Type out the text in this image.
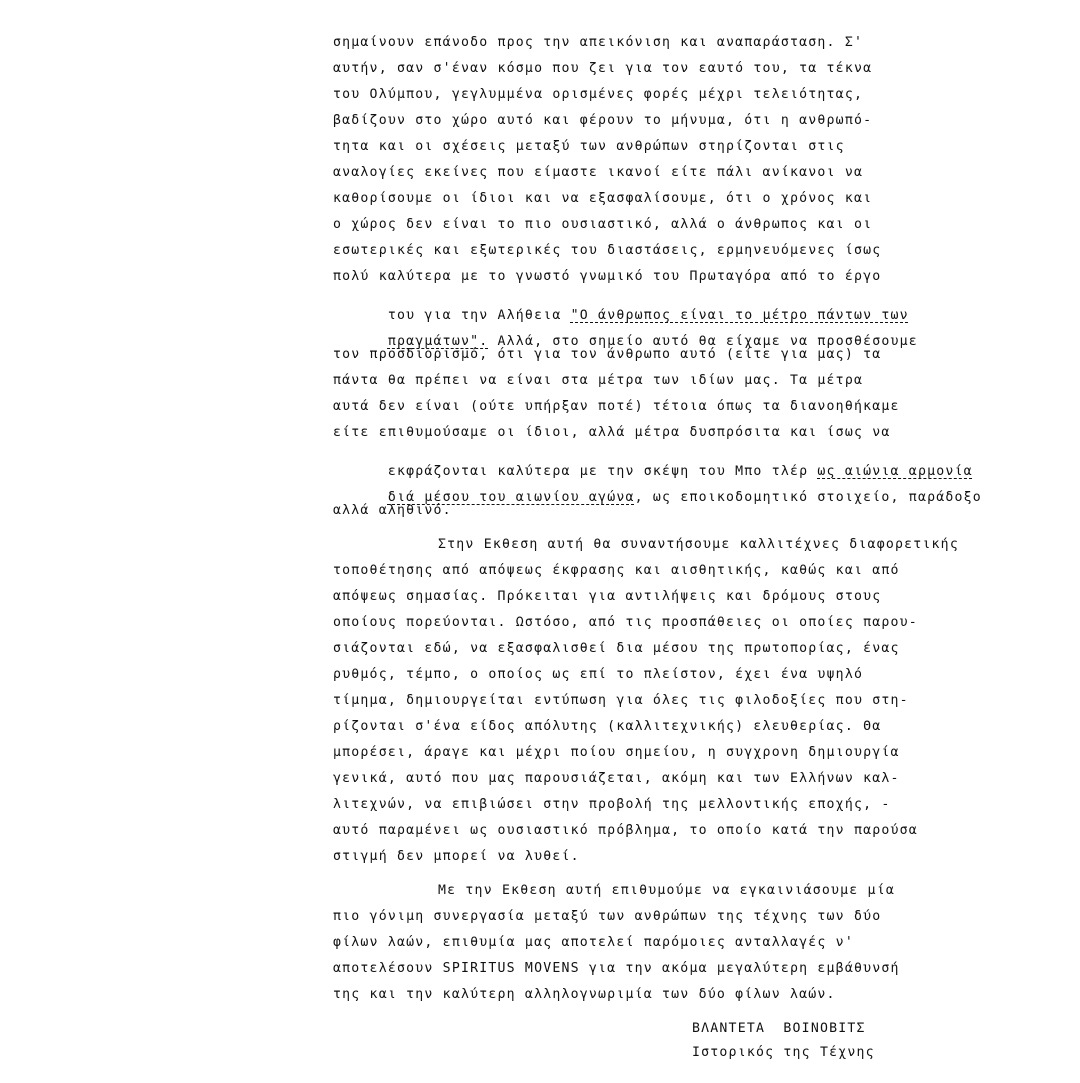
σημαίνουν επάνοδο προς την απεικόνιση και αναπαράσταση. Σ'

αυτήν, σαν σ'έναν κόσμο που ζει για τον εαυτό του, τα τέκνα

του Ολύμπου, γεγλυμμένα ορισμένες φορές μέχρι τελειότητας,

βαδίζουν στο χώρο αυτό και φέρουν το μήνυμα, ότι η ανθρωπό-

τητα και οι σχέσεις μεταξύ των ανθρώπων στηρίζονται στις

αναλογίες εκείνες που είμαστε ικανοί είτε πάλι ανίκανοι να

καθορίσουμε οι ίδιοι και να εξασφαλίσουμε, ότι ο χρόνος και

ο χώρος δεν είναι το πιο ουσιαστικό, αλλά ο άνθρωπος και οι

εσωτερικές και εξωτερικές του διαστάσεις, ερμηνευόμενες ίσως

πολύ καλύτερα με το γνωστό γνωμικό του Πρωταγόρα από το έργο

του για την Αλήθεια "Ο άνθρωπος είναι το μέτρο πάντων των

πραγμάτων". Αλλά, στο σημείο αυτό θα είχαμε να προσθέσουμε

τον προσδιορισμό, ότι για τον άνθρωπο αυτό (είτε για μας) τα

πάντα θα πρέπει να είναι στα μέτρα των ιδίων μας. Τα μέτρα

αυτά δεν είναι (ούτε υπήρξαν ποτέ) τέτοια όπως τα διανοηθήκαμε

είτε επιθυμούσαμε οι ίδιοι, αλλά μέτρα δυσπρόσιτα και ίσως να

εκφράζονται καλύτερα με την σκέψη του Μπο τλέρ ως αιώνια αρμονία

διά μέσου του αιωνίου αγώνα, ως εποικοδομητικό στοιχείο, παράδοξο

αλλά αληθινό.

Στην Εκθεση αυτή θα συναντήσουμε καλλιτέχνες διαφορετικής

τοποθέτησης από απόψεως έκφρασης και αισθητικής, καθώς και από

απόψεως σημασίας. Πρόκειται για αντιλήψεις και δρόμους στους

οποίους πορεύονται. Ωστόσο, από τις προσπάθειες οι οποίες παρου-

σιάζονται εδώ, να εξασφαλισθεί δια μέσου της πρωτοπορίας, ένας

ρυθμός, τέμπο, ο οποίος ως επί το πλείστον, έχει ένα υψηλό

τίμημα, δημιουργείται εντύπωση για όλες τις φιλοδοξίες που στη-

ρίζονται σ'ένα είδος απόλυτης (καλλιτεχνικής) ελευθερίας. Θα

μπορέσει, άραγε και μέχρι ποίου σημείου, η συγχρονη δημιουργία

γενικά, αυτό που μας παρουσιάζεται, ακόμη και των Ελλήνων καλ-

λιτεχνών, να επιβιώσει στην προβολή της μελλοντικής εποχής, -

αυτό παραμένει ως ουσιαστικό πρόβλημα, το οποίο κατά την παρούσα

στιγμή δεν μπορεί να λυθεί.

Με την Εκθεση αυτή επιθυμούμε να εγκαινιάσουμε μία

πιο γόνιμη συνεργασία μεταξύ των ανθρώπων της τέχνης των δύο

φίλων λαών, επιθυμία μας αποτελεί παρόμοιες ανταλλαγές ν'

αποτελέσουν SPIRITUS MOVENS για την ακόμα μεγαλύτερη εμβάθυνσή

της και την καλύτερη αλληλογνωριμία των δύο φίλων λαών.

ΒΛΑΝΤΕΤΑ  ΒΟΙΝΟΒΙΤΣ

Ιστορικός της Τέχνης
